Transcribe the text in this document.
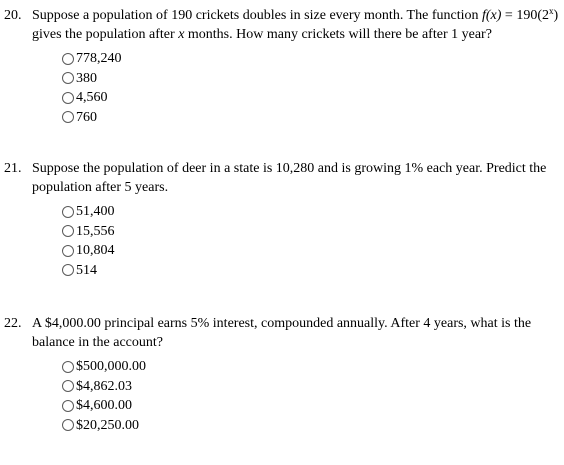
20. Suppose a population of 190 crickets doubles in size every month. The function $f(x) = 190(2^x)$ gives the population after x months. How many crickets will there be after 1 year?
778,240
380
4,560
760
21. Suppose the population of deer in a state is 10,280 and is growing 1% each year. Predict the population after 5 years.
51,400
15,556
10,804
514
22. A $4,000.00 principal earns 5% interest, compounded annually. After 4 years, what is the balance in the account?
$500,000.00
$4,862.03
$4,600.00
$20,250.00
